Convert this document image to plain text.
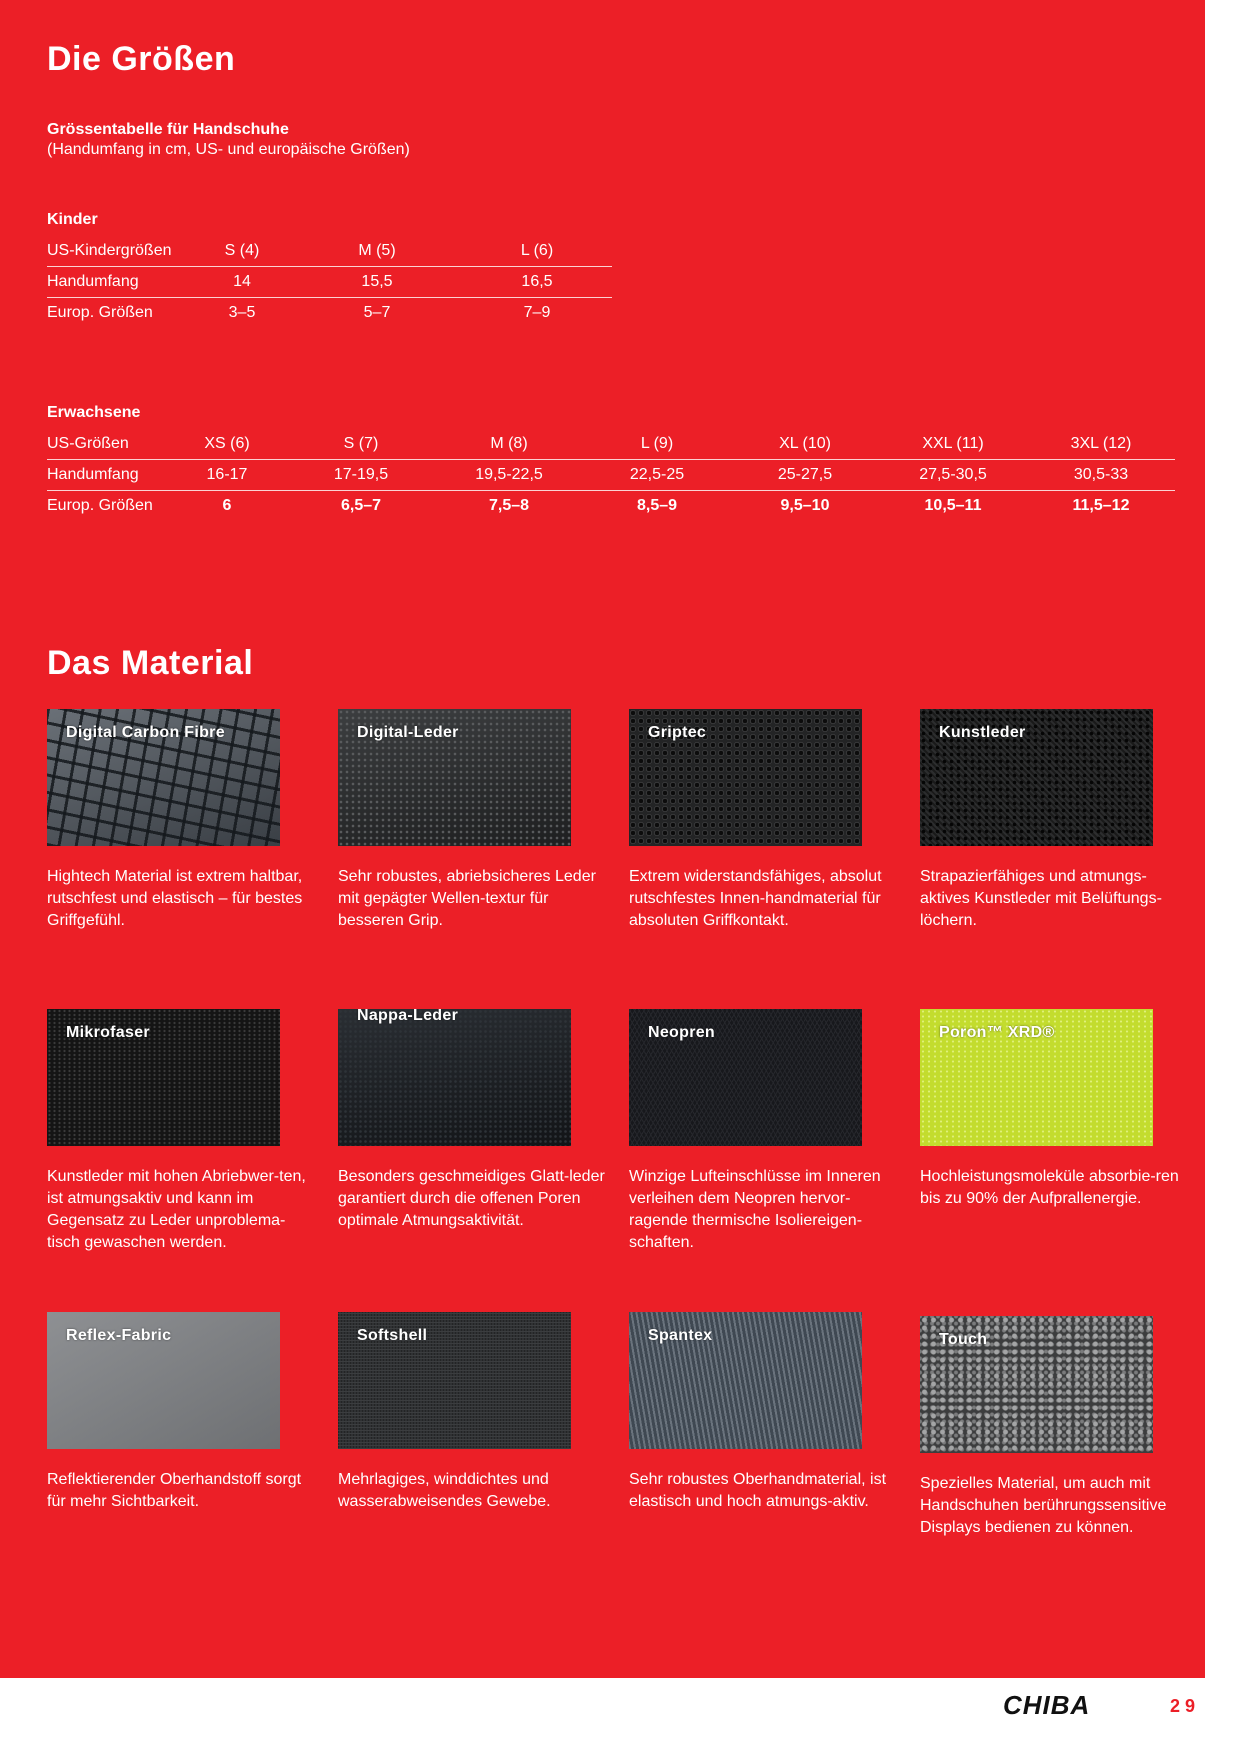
Die Größen
Grössentabelle für Handschuhe
(Handumfang in cm, US- und europäische Größen)
Kinder
US-Kindergrößen	S (4)	M (5)	L (6)
Handumfang	14	15,5	16,5
Europ. Größen	3–5	5–7	7–9
Erwachsene
US-Größen	XS (6)	S (7)	M (8)	L (9)	XL (10)	XXL (11)	3XL (12)
Handumfang	16-17	17-19,5	19,5-22,5	22,5-25	25-27,5	27,5-30,5	30,5-33
Europ. Größen	6	6,5–7	7,5–8	8,5–9	9,5–10	10,5–11	11,5–12
Das Material
Digital Carbon Fibre
Hightech Material ist extrem haltbar, rutschfest und elastisch – für bestes Griffgefühl.
Digital-Leder
Sehr robustes, abriebsicheres Leder mit gepägter Wellen-textur für besseren Grip.
Griptec
Extrem widerstandsfähiges, absolut rutschfestes Innen-handmaterial für absoluten Griffkontakt.
Kunstleder
Strapazierfähiges und atmungs-aktives Kunstleder mit Belüftungs-löchern.
Mikrofaser
Kunstleder mit hohen Abriebwer-ten, ist atmungsaktiv und kann im Gegensatz zu Leder unproblema-tisch gewaschen werden.
Nappa-Leder
Besonders geschmeidiges Glatt-leder garantiert durch die offenen Poren optimale Atmungsaktivität.
Neopren
Winzige Lufteinschlüsse im Inneren verleihen dem Neopren hervor-ragende thermische Isoliereigen-schaften.
Poron™ XRD®
Hochleistungsmoleküle absorbie-ren bis zu 90% der Aufprallenergie.
Reflex-Fabric
Reflektierender Oberhandstoff sorgt für mehr Sichtbarkeit.
Softshell
Mehrlagiges, winddichtes und wasserabweisendes Gewebe.
Spantex
Sehr robustes Oberhandmaterial, ist elastisch und hoch atmungs-aktiv.
Touch
Spezielles Material, um auch mit Handschuhen berührungssensitive Displays bedienen zu können.
CHIBA	29
